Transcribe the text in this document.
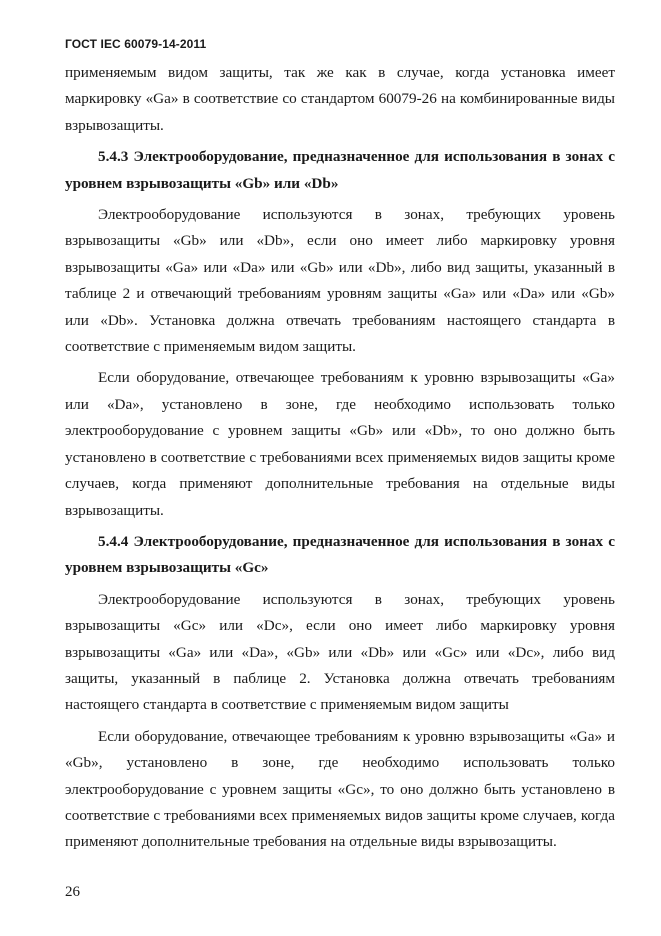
ГОСТ IEC 60079-14-2011

применяемым видом защиты, так же как в случае, когда установка имеет маркировку «Ga» в соответствие со стандартом 60079-26 на комбинированные виды взрывозащиты.

5.4.3 Электрооборудование, предназначенное для использования в зонах с уровнем взрывозащиты «Gb» или «Db»

Электрооборудование используются в зонах, требующих уровень взрывозащиты «Gb» или «Db», если оно имеет либо маркировку уровня взрывозащиты «Ga» или «Da» или «Gb» или «Db», либо вид защиты, указанный в таблице 2 и отвечающий требованиям уровням защиты «Ga» или «Da» или «Gb» или «Db». Установка должна отвечать требованиям настоящего стандарта в соответствие с применяемым видом защиты.

Если оборудование, отвечающее требованиям к уровню взрывозащиты «Ga» или «Da», установлено в зоне, где необходимо использовать только электрооборудование с уровнем защиты «Gb» или «Db», то оно должно быть установлено в соответствие с требованиями всех применяемых видов защиты кроме случаев, когда применяют дополнительные требования на отдельные виды взрывозащиты.

5.4.4 Электрооборудование, предназначенное для использования в зонах с уровнем взрывозащиты «Gc»

Электрооборудование используются в зонах, требующих уровень взрывозащиты «Gc» или «Dc», если оно имеет либо маркировку уровня взрывозащиты «Ga» или «Da», «Gb» или «Db» или «Gc» или «Dc», либо вид защиты, указанный в паблице 2. Установка должна отвечать требованиям настоящего стандарта в соответствие с применяемым видом защиты

Если оборудование, отвечающее требованиям к уровню взрывозащиты «Ga» и «Gb», установлено в зоне, где необходимо использовать только электрооборудование с уровнем защиты «Gc», то оно должно быть установлено в соответствие с требованиями всех применяемых видов защиты кроме случаев, когда применяют дополнительные требования на отдельные виды взрывозащиты.

26
